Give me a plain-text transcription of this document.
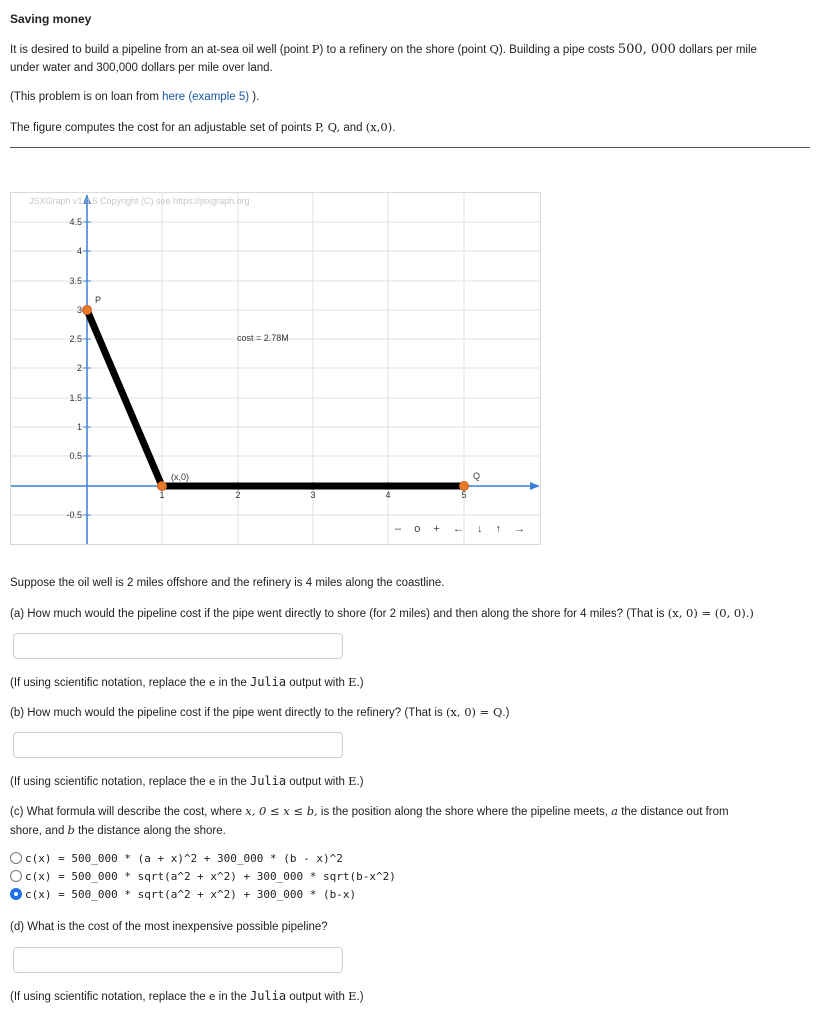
Saving money
It is desired to build a pipeline from an at-sea oil well (point P) to a refinery on the shore (point Q). Building a pipe costs 500, 000 dollars per mile
under water and 300,000 dollars per mile over land.
(This problem is on loan from here (example 5) ).
The figure computes the cost for an adjustable set of points P, Q, and (x,0).
JSXGraph v1.4.6 Copyright (C) see https://jsxgraph.org
4.5
4
3.5
3
2.5
2
1.5
1
0.5
-0.5
1	2	3	4	5
P
(x,0)	Q
cost = 2.78M
– o + ← ↓ ↑ →
Suppose the oil well is 2 miles offshore and the refinery is 4 miles along the coastline.
(a) How much would the pipeline cost if the pipe went directly to shore (for 2 miles) and then along the shore for 4 miles? (That is (x, 0) = (0, 0).)
(If using scientific notation, replace the e in the Julia output with E.)
(b) How much would the pipeline cost if the pipe went directly to the refinery? (That is (x, 0) = Q.)
(If using scientific notation, replace the e in the Julia output with E.)
(c) What formula will describe the cost, where x, 0 ≤ x ≤ b, is the position along the shore where the pipeline meets, a the distance out from
shore, and b the distance along the shore.
c(x) = 500_000 * (a + x)^2 + 300_000 * (b - x)^2
c(x) = 500_000 * sqrt(a^2 + x^2) + 300_000 * sqrt(b-x^2)
c(x) = 500_000 * sqrt(a^2 + x^2) + 300_000 * (b-x)
(d) What is the cost of the most inexpensive possible pipeline?
(If using scientific notation, replace the e in the Julia output with E.)
